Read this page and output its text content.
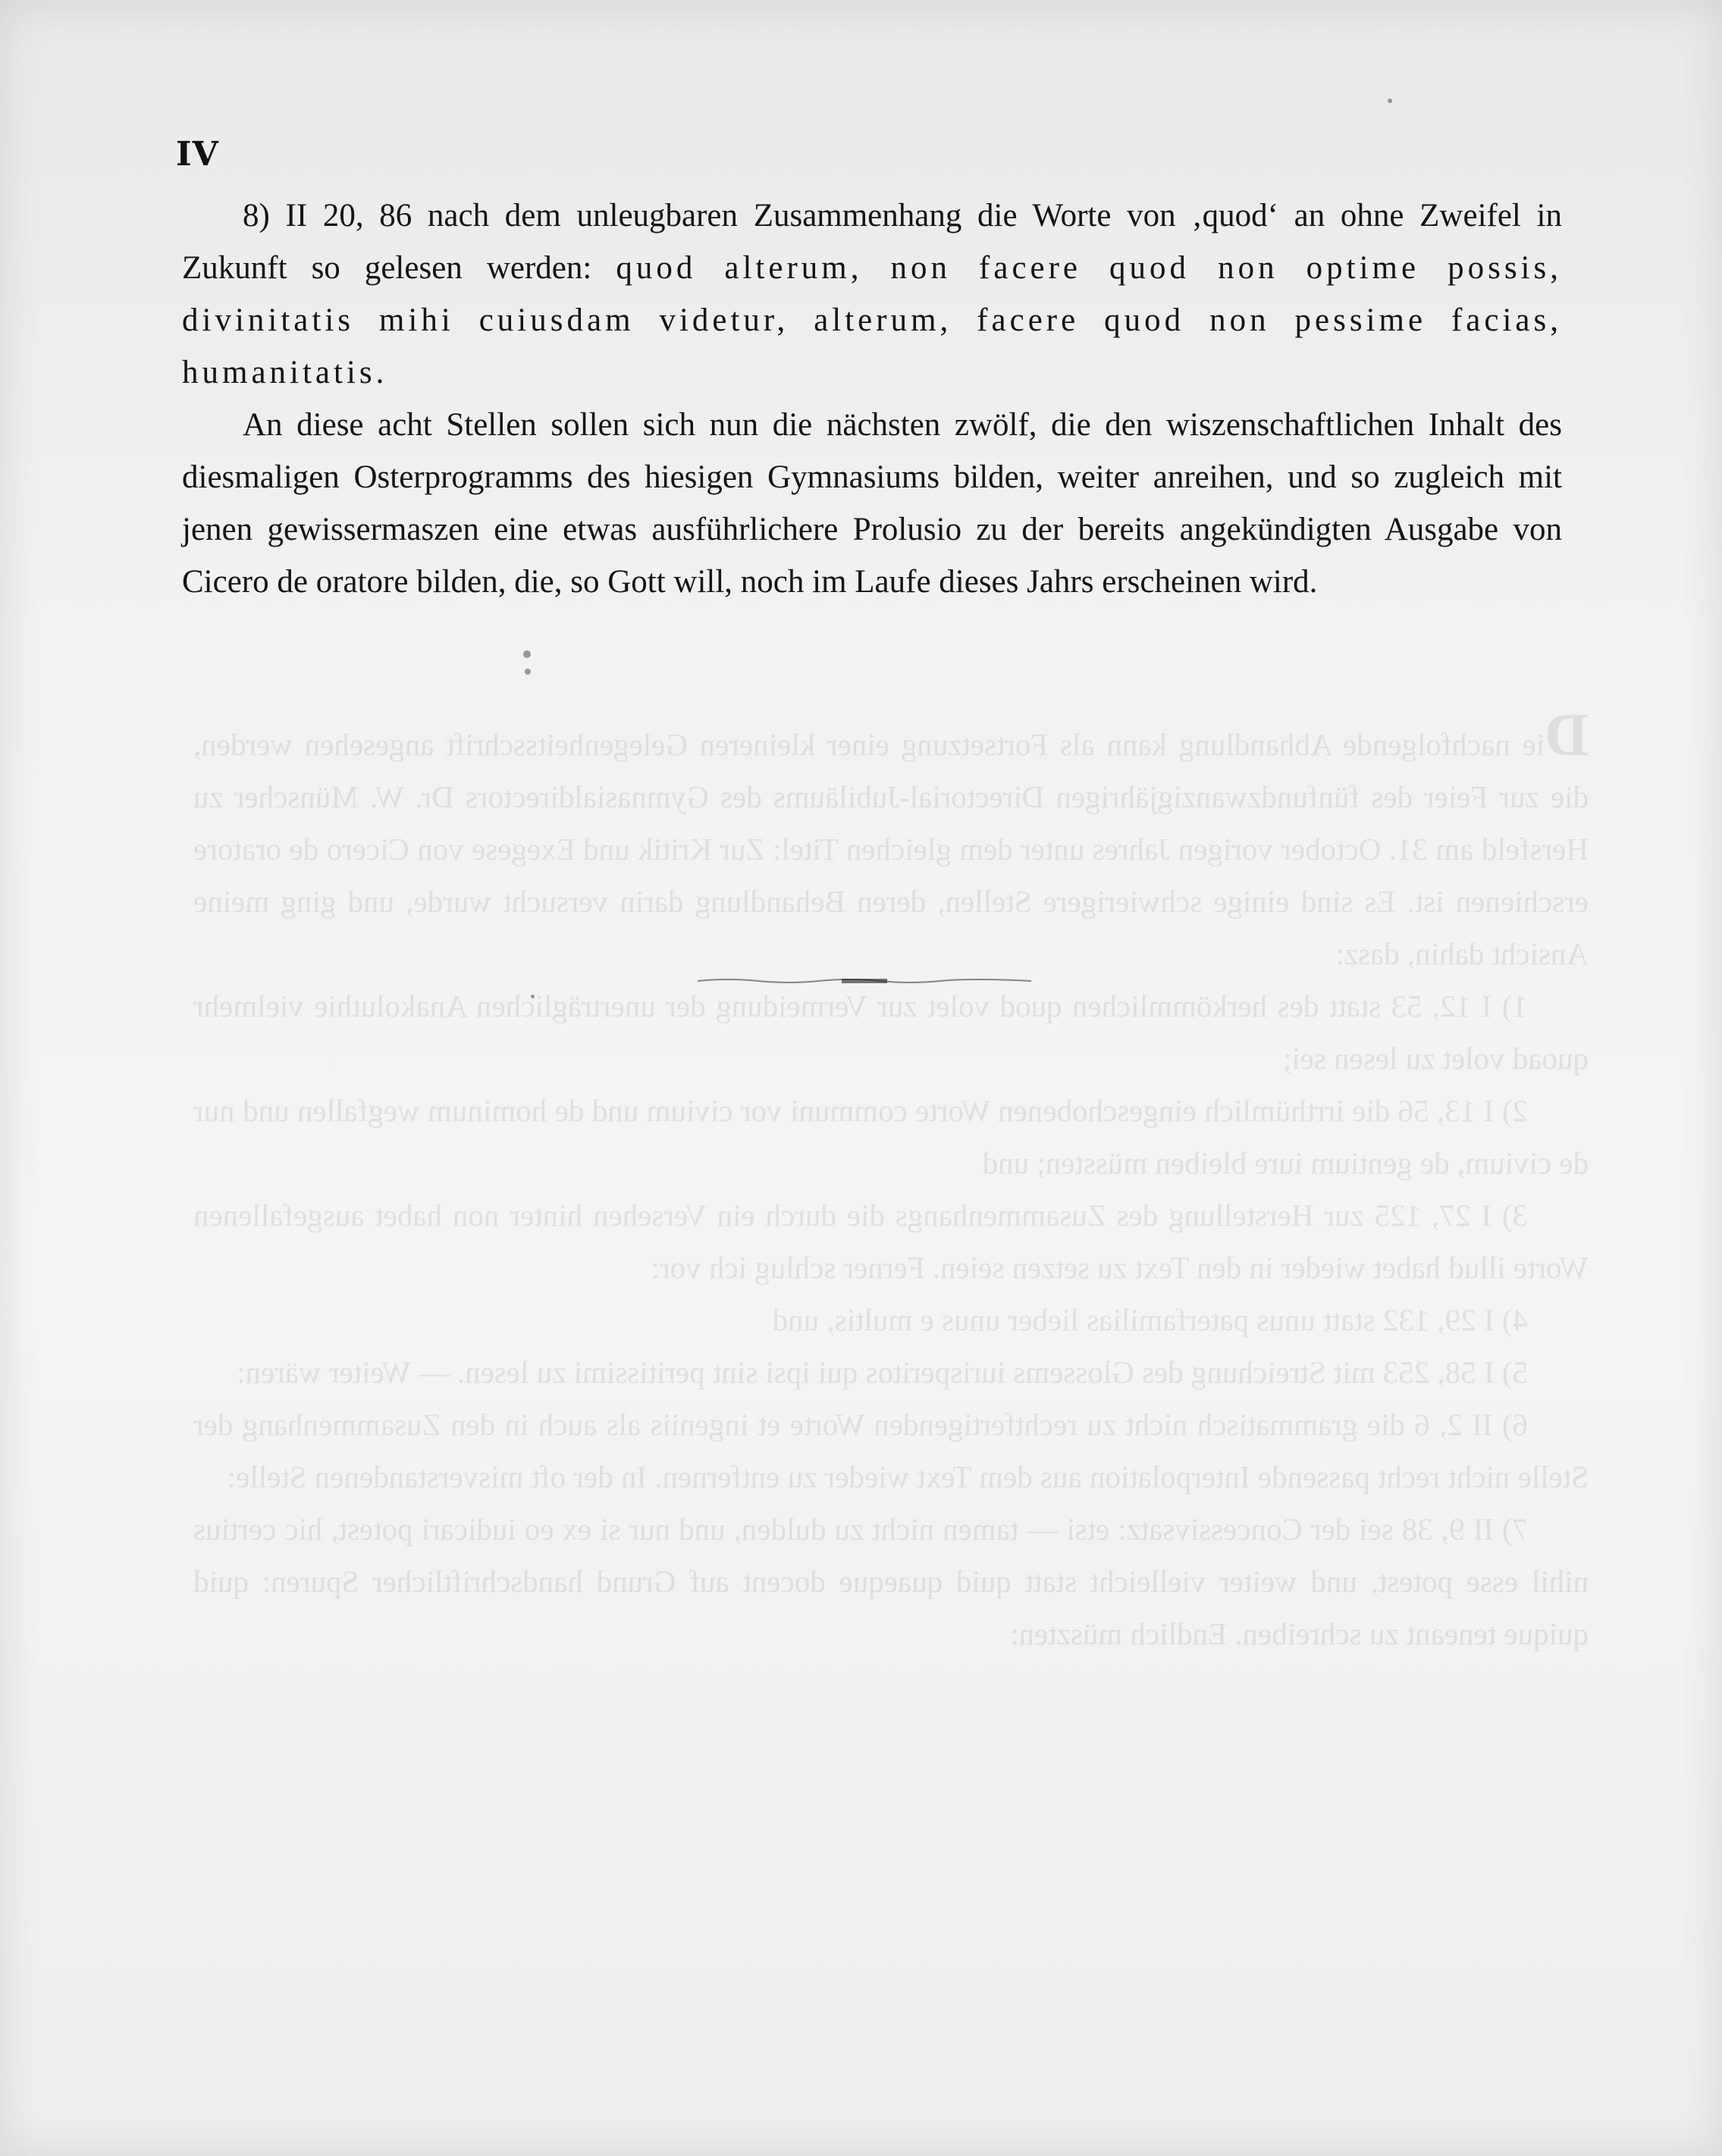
Die nachfolgende Abhandlung kann als Fortsetzung einer kleineren Gelegenheitsschrift angesehen werden, die zur Feier des fünfundzwanzigjährigen Directorial-Jubiläums des Gymnasialdirectors Dr. W. Münscher zu Hersfeld am 31. October vorigen Jahres unter dem gleichen Titel: Zur Kritik und Exegese von Cicero de oratore erschienen ist. Es sind einige schwierigere Stellen, deren Behandlung darin versucht wurde, und ging meine Ansicht dahin, dasz:

1) I 12, 53 statt des herkömmlichen quod volet zur Vermeidung der unerträglichen Anakoluthie vielmehr quoad volet zu lesen sei;

2) I 13, 56 die irrthümlich eingeschobenen Worte communi vor civium und de hominum wegfallen und nur de civium, de gentium iure bleiben müssten; und

3) I 27, 125 zur Herstellung des Zusammenhangs die durch ein Versehen hinter non habet ausgefallenen Worte illud habet wieder in den Text zu setzen seien. Ferner schlug ich vor:

4) I 29, 132 statt unus paterfamilias lieber unus e multis, und

5) I 58, 253 mit Streichung des Glossems iurisperitos qui ipsi sint peritissimi zu lesen. — Weiter wären:

6) II 2, 6 die grammatisch nicht zu rechtfertigenden Worte et ingeniis als auch in den Zusammenhang der Stelle nicht recht passende Interpolation aus dem Text wieder zu entfernen. In der oft misverstandenen Stelle:

7) II 9, 38 sei der Concessivsatz: etsi — tamen nicht zu dulden, und nur si ex eo iudicari potest, hic certius nihil esse potest, und weiter vielleicht statt quid quaeque docent auf Grund handschriftlicher Spuren: quid quique teneant zu schreiben. Endlich müszten:

IV

8) II 20, 86 nach dem unleugbaren Zusammenhang die Worte von ‚quod‘ an ohne Zweifel in Zukunft so gelesen werden: quod alterum, non facere quod non optime possis, divinitatis mihi cuiusdam videtur, alterum, facere quod non pessime facias, humanitatis.

An diese acht Stellen sollen sich nun die nächsten zwölf, die den wiszenschaftlichen Inhalt des diesmaligen Osterprogramms des hiesigen Gymnasiums bilden, weiter anreihen, und so zugleich mit jenen gewissermaszen eine etwas ausführlichere Prolusio zu der bereits angekündigten Ausgabe von Cicero de oratore bilden, die, so Gott will, noch im Laufe dieses Jahrs erscheinen wird.
